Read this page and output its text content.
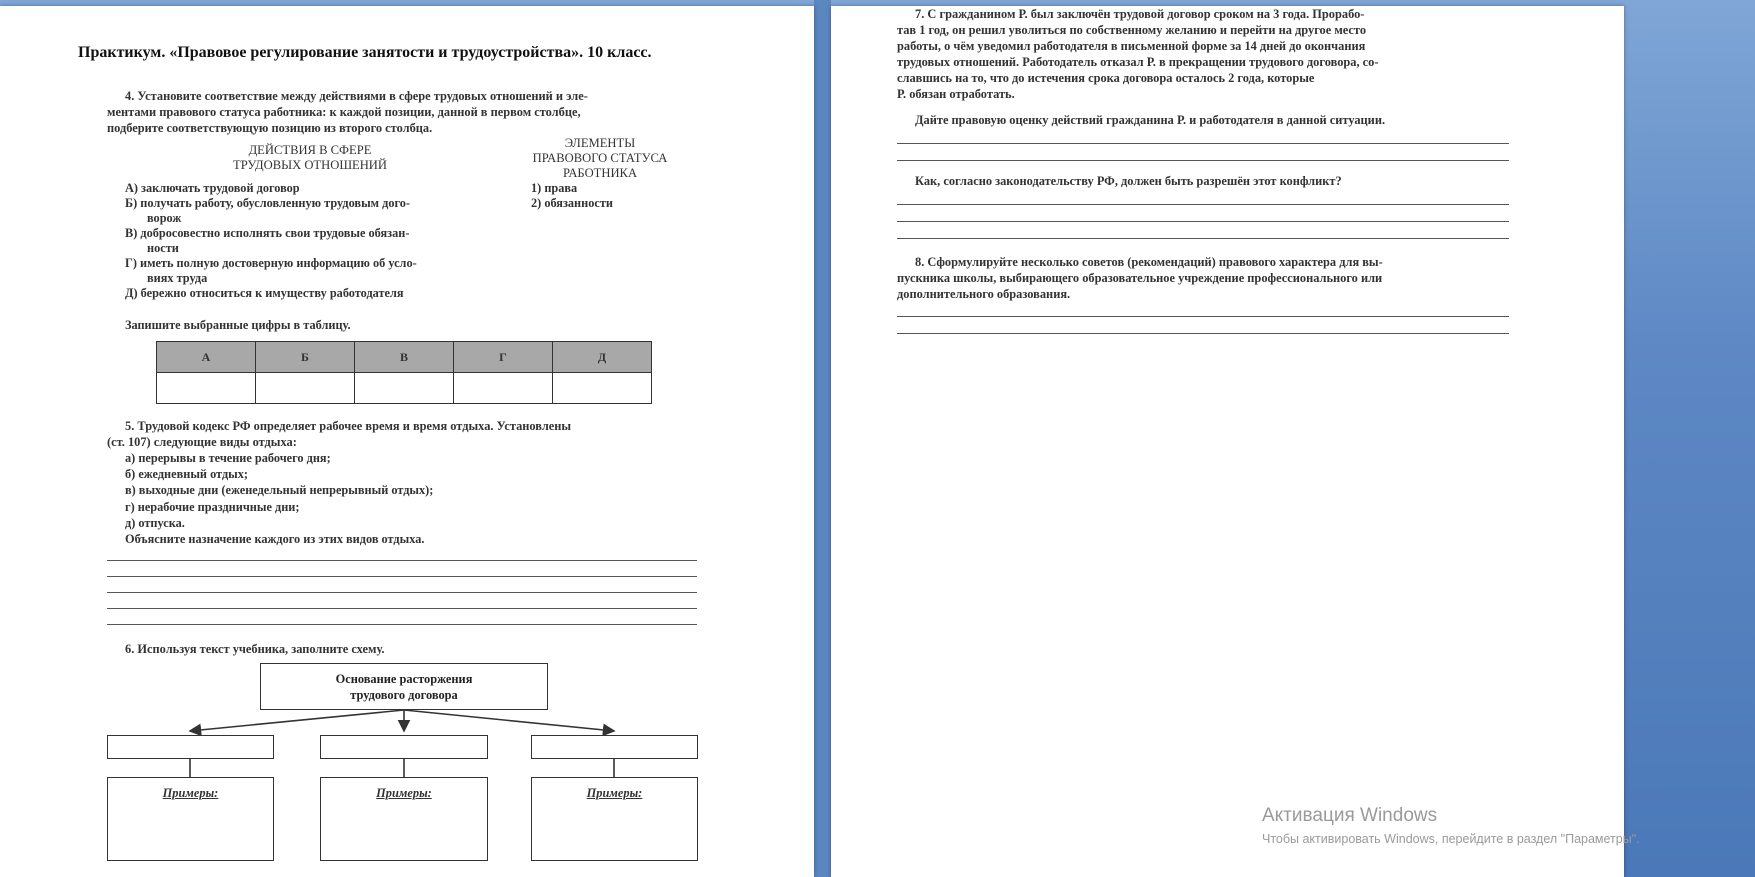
Практикум. «Правовое регулирование занятости и трудоустройства». 10 класс.
4. Установите соответствие между действиями в сфере трудовых отношений и эле-
ментами правового статуса работника: к каждой позиции, данной в первом столбце,
подберите соответствующую позицию из второго столбца.
ДЕЙСТВИЯ В СФЕРЕ
ТРУДОВЫХ ОТНОШЕНИЙ
ЭЛЕМЕНТЫ
ПРАВОВОГО СТАТУСА
РАБОТНИКА
А) заключать трудовой договор
Б) получать работу, обусловленную трудовым дого-
ворож
В) добросовестно исполнять свои трудовые обязан-
ности
Г) иметь полную достоверную информацию об усло-
виях труда
Д) бережно относиться к имуществу работодателя
1) права
2) обязанности
Запишите выбранные цифры в таблицу.
А	Б	В	Г	Д

5. Трудовой кодекс РФ определяет рабочее время и время отдыха. Установлены
(ст. 107) следующие виды отдыха:
а) перерывы в течение рабочего дня;
б) ежедневный отдых;
в) выходные дни (еженедельный непрерывный отдых);
г) нерабочие праздничные дни;
д) отпуска.
Объясните назначение каждого из этих видов отдыха.
6. Используя текст учебника, заполните схему.
Основание расторжения
трудового договора
Примеры:	Примеры:	Примеры:
7. С гражданином Р. был заключён трудовой договор сроком на 3 года. Прорабо-
тав 1 год, он решил уволиться по собственному желанию и перейти на другое место
работы, о чём уведомил работодателя в письменной форме за 14 дней до окончания
трудовых отношений. Работодатель отказал Р. в прекращении трудового договора, со-
славшись на то, что до истечения срока договора осталось 2 года, которые
Р. обязан отработать.
Дайте правовую оценку действий гражданина Р. и работодателя в данной ситуации.
Как, согласно законодательству РФ, должен быть разрешён этот конфликт?
8. Сформулируйте несколько советов (рекомендаций) правового характера для вы-
пускника школы, выбирающего образовательное учреждение профессионального или
дополнительного образования.
Активация Windows
Чтобы активировать Windows, перейдите в раздел "Параметры".
